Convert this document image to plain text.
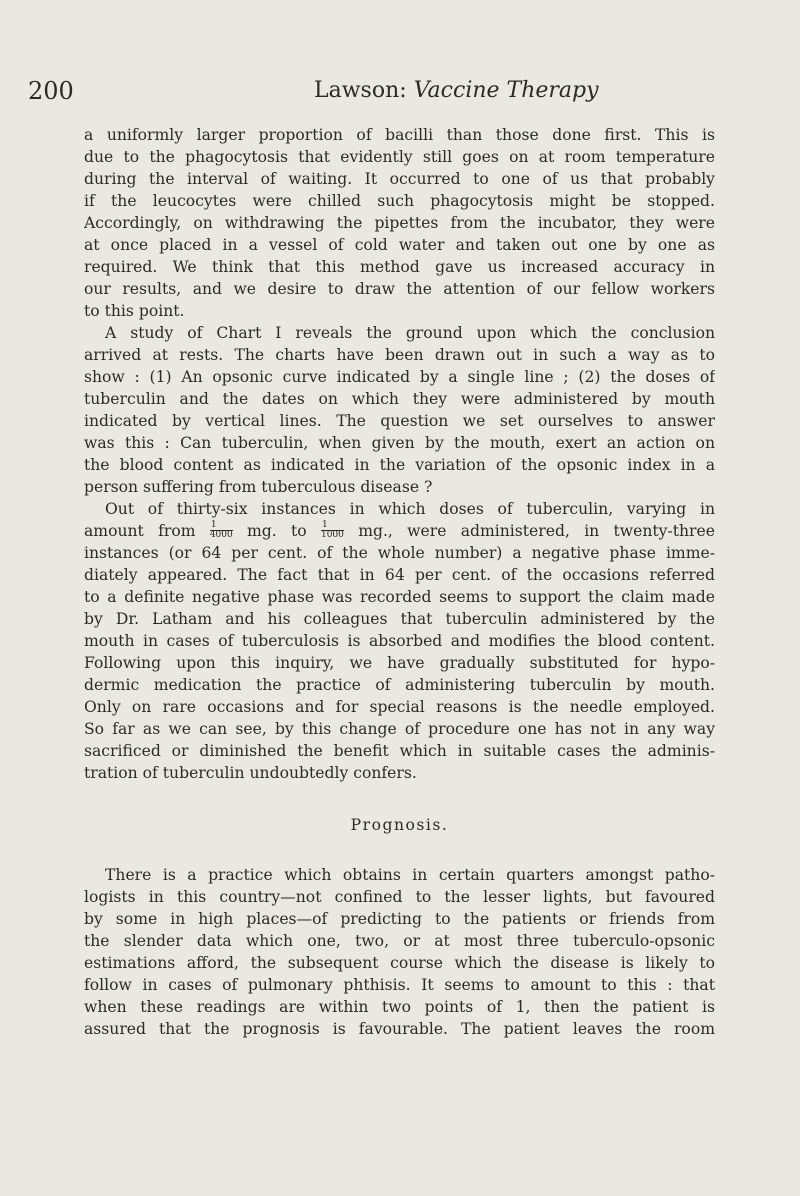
200	Lawson: Vaccine Therapy
a uniformly larger proportion of bacilli than those done first. This is
due to the phagocytosis that evidently still goes on at room temperature
during the interval of waiting. It occurred to one of us that probably
if the leucocytes were chilled such phagocytosis might be stopped.
Accordingly, on withdrawing the pipettes from the incubator, they were
at once placed in a vessel of cold water and taken out one by one as
required. We think that this method gave us increased accuracy in
our results, and we desire to draw the attention of our fellow workers
to this point.
A study of Chart I reveals the ground upon which the conclusion
arrived at rests. The charts have been drawn out in such a way as to
show : (1) An opsonic curve indicated by a single line ; (2) the doses of
tuberculin and the dates on which they were administered by mouth
indicated by vertical lines. The question we set ourselves to answer
was this : Can tuberculin, when given by the mouth, exert an action on
the blood content as indicated in the variation of the opsonic index in a
person suffering from tuberculous disease ?
Out of thirty-six instances in which doses of tuberculin, varying in
amount from $\frac{1}{4000}$ mg. to $\frac{1}{1000}$ mg., were administered, in twenty-three
instances (or 64 per cent. of the whole number) a negative phase imme-
diately appeared. The fact that in 64 per cent. of the occasions referred
to a definite negative phase was recorded seems to support the claim made
by Dr. Latham and his colleagues that tuberculin administered by the
mouth in cases of tuberculosis is absorbed and modifies the blood content.
Following upon this inquiry, we have gradually substituted for hypo-
dermic medication the practice of administering tuberculin by mouth.
Only on rare occasions and for special reasons is the needle employed.
So far as we can see, by this change of procedure one has not in any way
sacrificed or diminished the benefit which in suitable cases the adminis-
tration of tuberculin undoubtedly confers.
Prognosis.
There is a practice which obtains in certain quarters amongst patho-
logists in this country—not confined to the lesser lights, but favoured
by some in high places—of predicting to the patients or friends from
the slender data which one, two, or at most three tuberculo-opsonic
estimations afford, the subsequent course which the disease is likely to
follow in cases of pulmonary phthisis. It seems to amount to this : that
when these readings are within two points of 1, then the patient is
assured that the prognosis is favourable. The patient leaves the room
